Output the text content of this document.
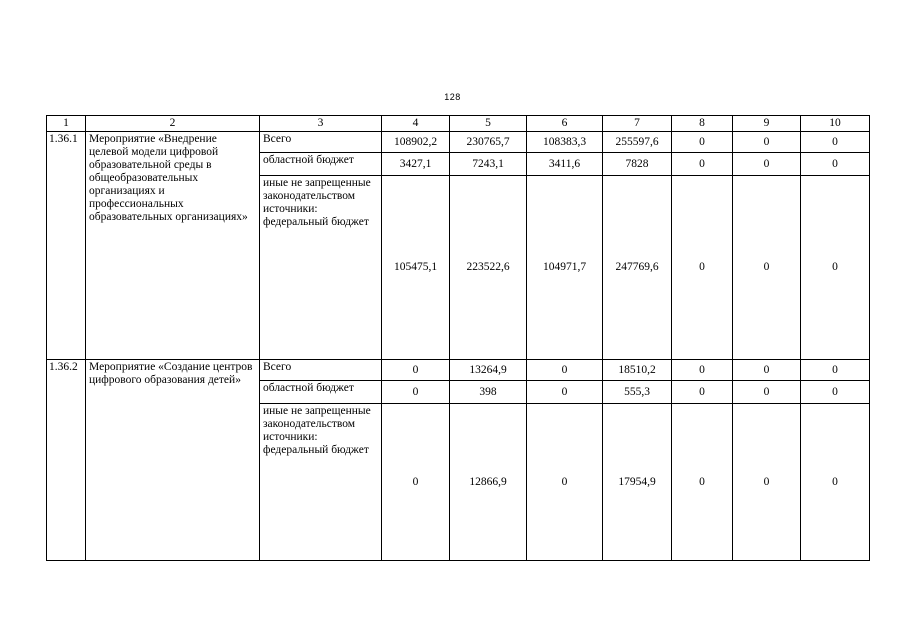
128
1	2	3	4	5	6	7	8	9	10
1.36.1	Мероприятие «Внедрение целевой модели цифровой образовательной среды в общеобразовательных организациях и профессиональных образовательных организациях»	Всего	108902,2	230765,7	108383,3	255597,6	0	0	0
		областной бюджет	3427,1	7243,1	3411,6	7828	0	0	0
		иные не запрещенные законодательством источники: федеральный бюджет	105475,1	223522,6	104971,7	247769,6	0	0	0
1.36.2	Мероприятие «Создание центров цифрового образования детей»	Всего	0	13264,9	0	18510,2	0	0	0
		областной бюджет	0	398	0	555,3	0	0	0
		иные не запрещенные законодательством источники: федеральный бюджет	0	12866,9	0	17954,9	0	0	0
